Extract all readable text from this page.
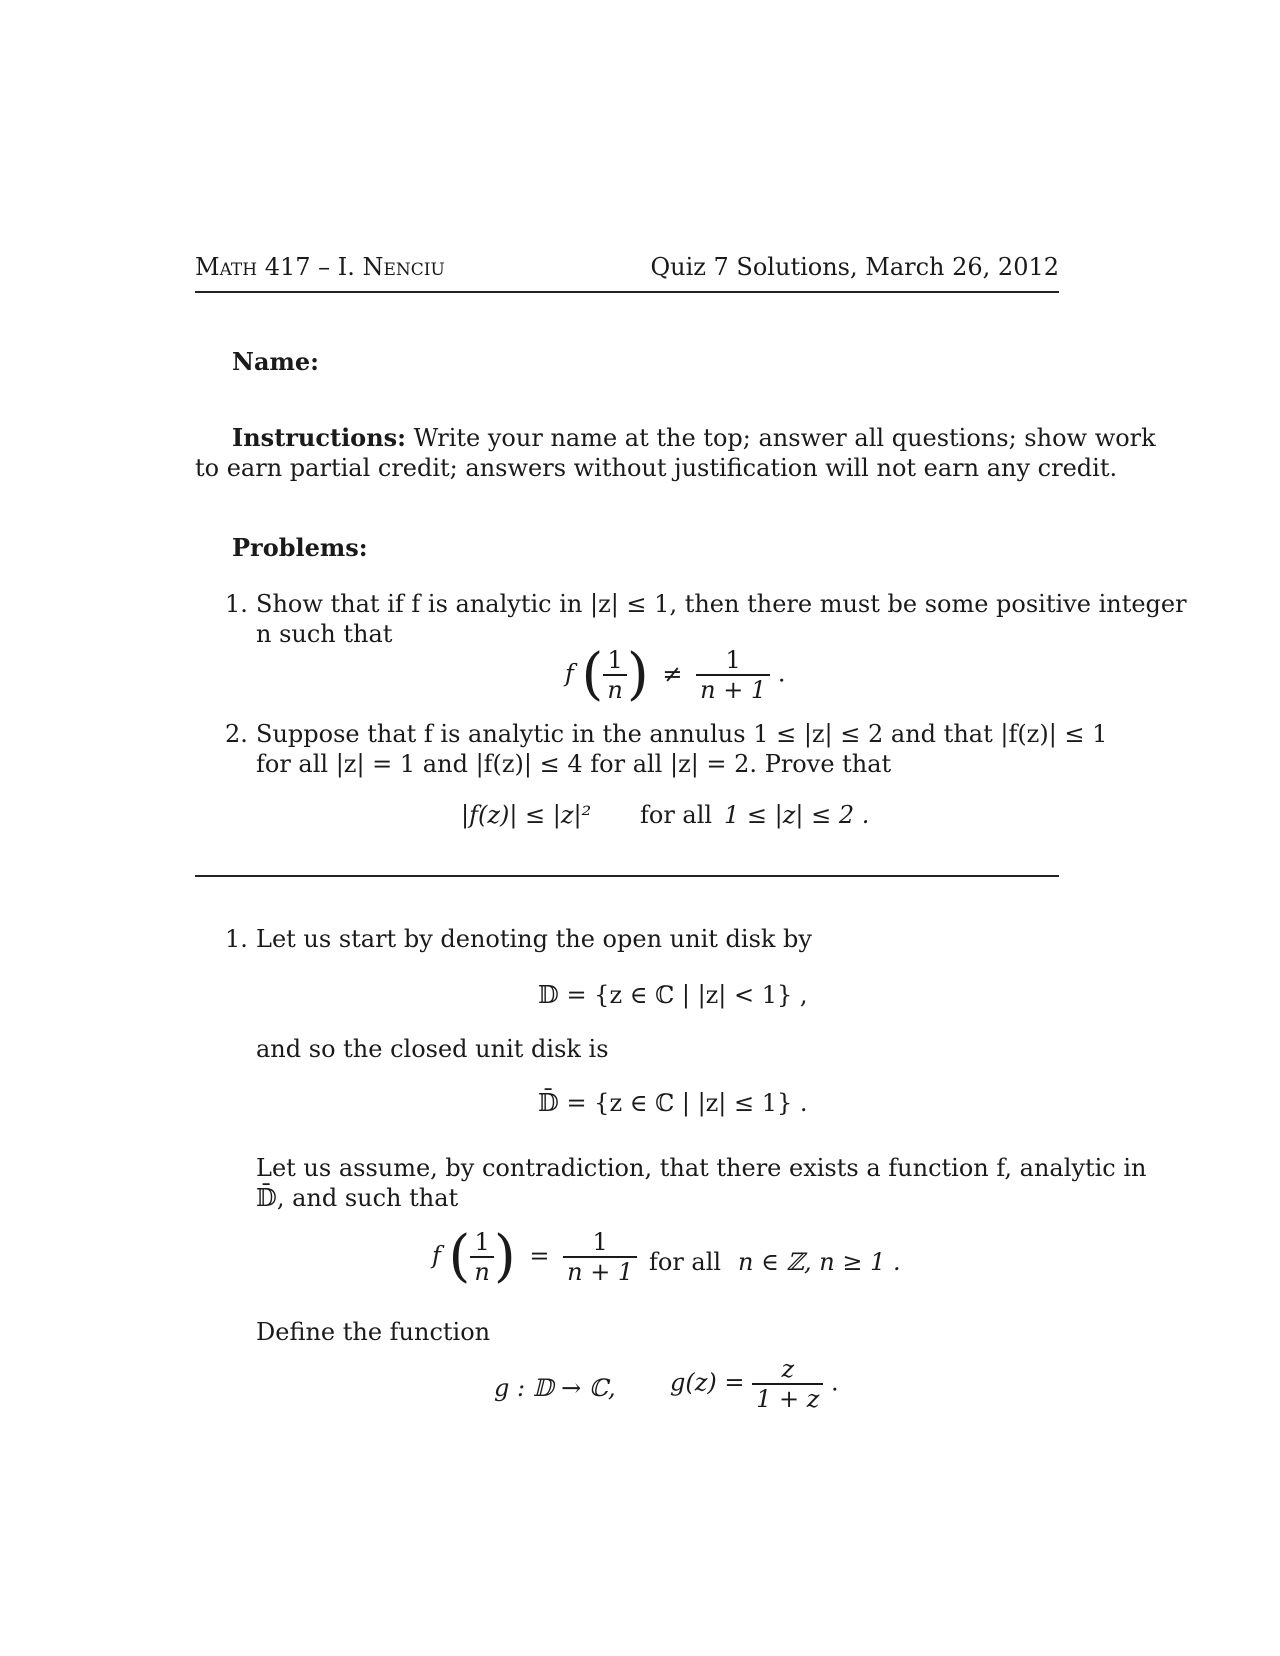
Math 417 – I. Nenciu	Quiz 7 Solutions, March 26, 2012
Name:
Instructions: Write your name at the top; answer all questions; show work
to earn partial credit; answers without justification will not earn any credit.
Problems:
1. Show that if f is analytic in |z| ≤ 1, then there must be some positive integer
n such that
f ( $\frac{1}{n}$ ) ≠ $\frac{1}{n + 1}$ .
2. Suppose that f is analytic in the annulus 1 ≤ |z| ≤ 2 and that |f(z)| ≤ 1
for all |z| = 1 and |f(z)| ≤ 4 for all |z| = 2. Prove that
|f(z)| ≤ |z|² for all 1 ≤ |z| ≤ 2 .
1. Let us start by denoting the open unit disk by
𝔻 = {z ∈ ℂ | |z| < 1} ,
and so the closed unit disk is
𝔻̄ = {z ∈ ℂ | |z| ≤ 1} .
Let us assume, by contradiction, that there exists a function f, analytic in
𝔻̄, and such that
f ( $\frac{1}{n}$ ) = $\frac{1}{n + 1}$ for all n ∈ ℤ, n ≥ 1 .
Define the function
g : 𝔻 → ℂ, $g(z) = \frac{z}{1 + z}$ .
